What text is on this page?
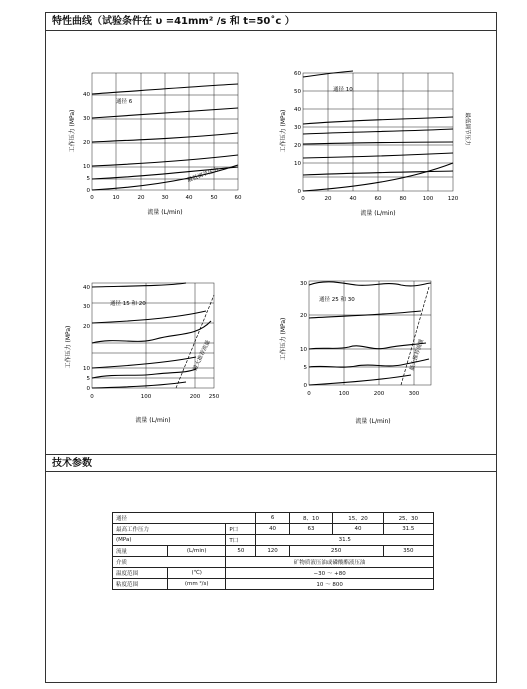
特性曲线（试验条件在 υ =41mm² /s 和 t=50˚c ）
通径 6
最低调节压力
40
30
20
10
5
0
0	10	20	30	40	50	60
流量 (L/min)
工作压力 (MPa)
通径 10
最低调节压力
60
50
40
30
20
10
0
0	20	40	60	80	100	120
流量 (L/min)
工作压力 (MPa)
通径 15 和 20
最大推荐流量
40
30
20
10
5
0
0	100	200 250
流量 (L/min)
工作压力 (MPa)
通径 25 和 30
最大推荐流量
30
20
10
5
0
0	100	200	300
流量 (L/min)
工作压力 (MPa)
技术参数
通径			6	8、10	15、20	25、30
最高工作压力		P口	40	63	40	31.5
(MPa)		T口	31.5			
流量	(L/min)	50	120	250		350
介质		矿物质液压油或磷酸酯液压油				
温度范围	(℃)	−30 ～ +80				
粘度范围	(mm ²/s)	10 ～ 800				
